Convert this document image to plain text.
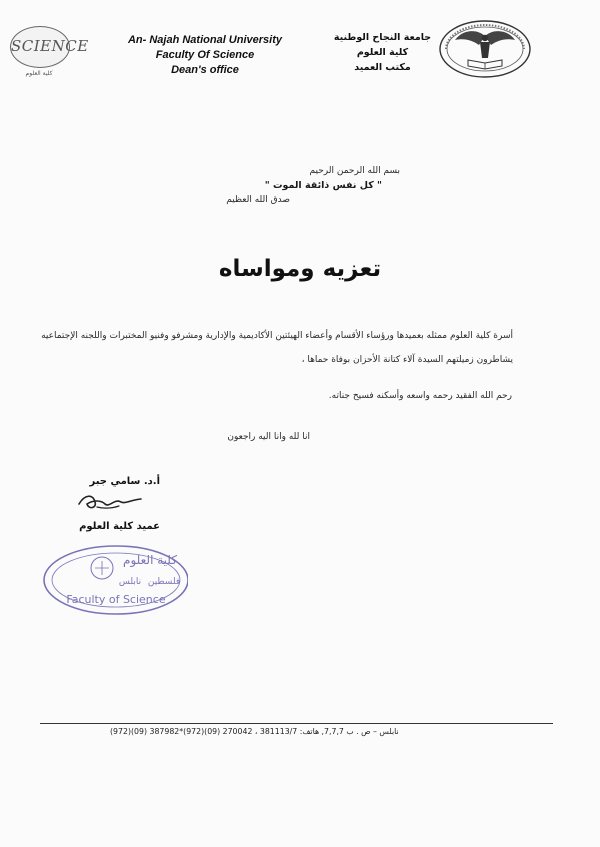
SCIENCE
كلية العلوم
An- Najah National University
Faculty Of Science
Dean's office
جامعة النجاح الوطنية
كلية العلوم
مكتب العميد
بسم الله الرحمن الرحيم
" كل نفس ذائقة الموت "
صدق الله العظيم
تعزيه ومواساه
أسرة كلية العلوم ممثله بعميدها ورؤساء الأقسام وأعضاء الهيئتين الأكاديمية والإدارية ومشرفو وفنيو المختبرات واللجنه الإجتماعيه يشاطرون زميلتهم السيدة آلاء كتانة الأحزان بوفاة حماها ،
رحم الله الفقيد رحمه واسعه وأسكنه فسيح جناته.
انا لله وانا اليه راجعون
أ.د. سامي جبر
عميد كلية العلوم
كلية العلوم
نابلس فلسطين
Faculty of Science
نابلس – ص . ب 7,7,7, هاتف: 381113/7 ، 270042 (09)(972)*387982 (09)(972)
